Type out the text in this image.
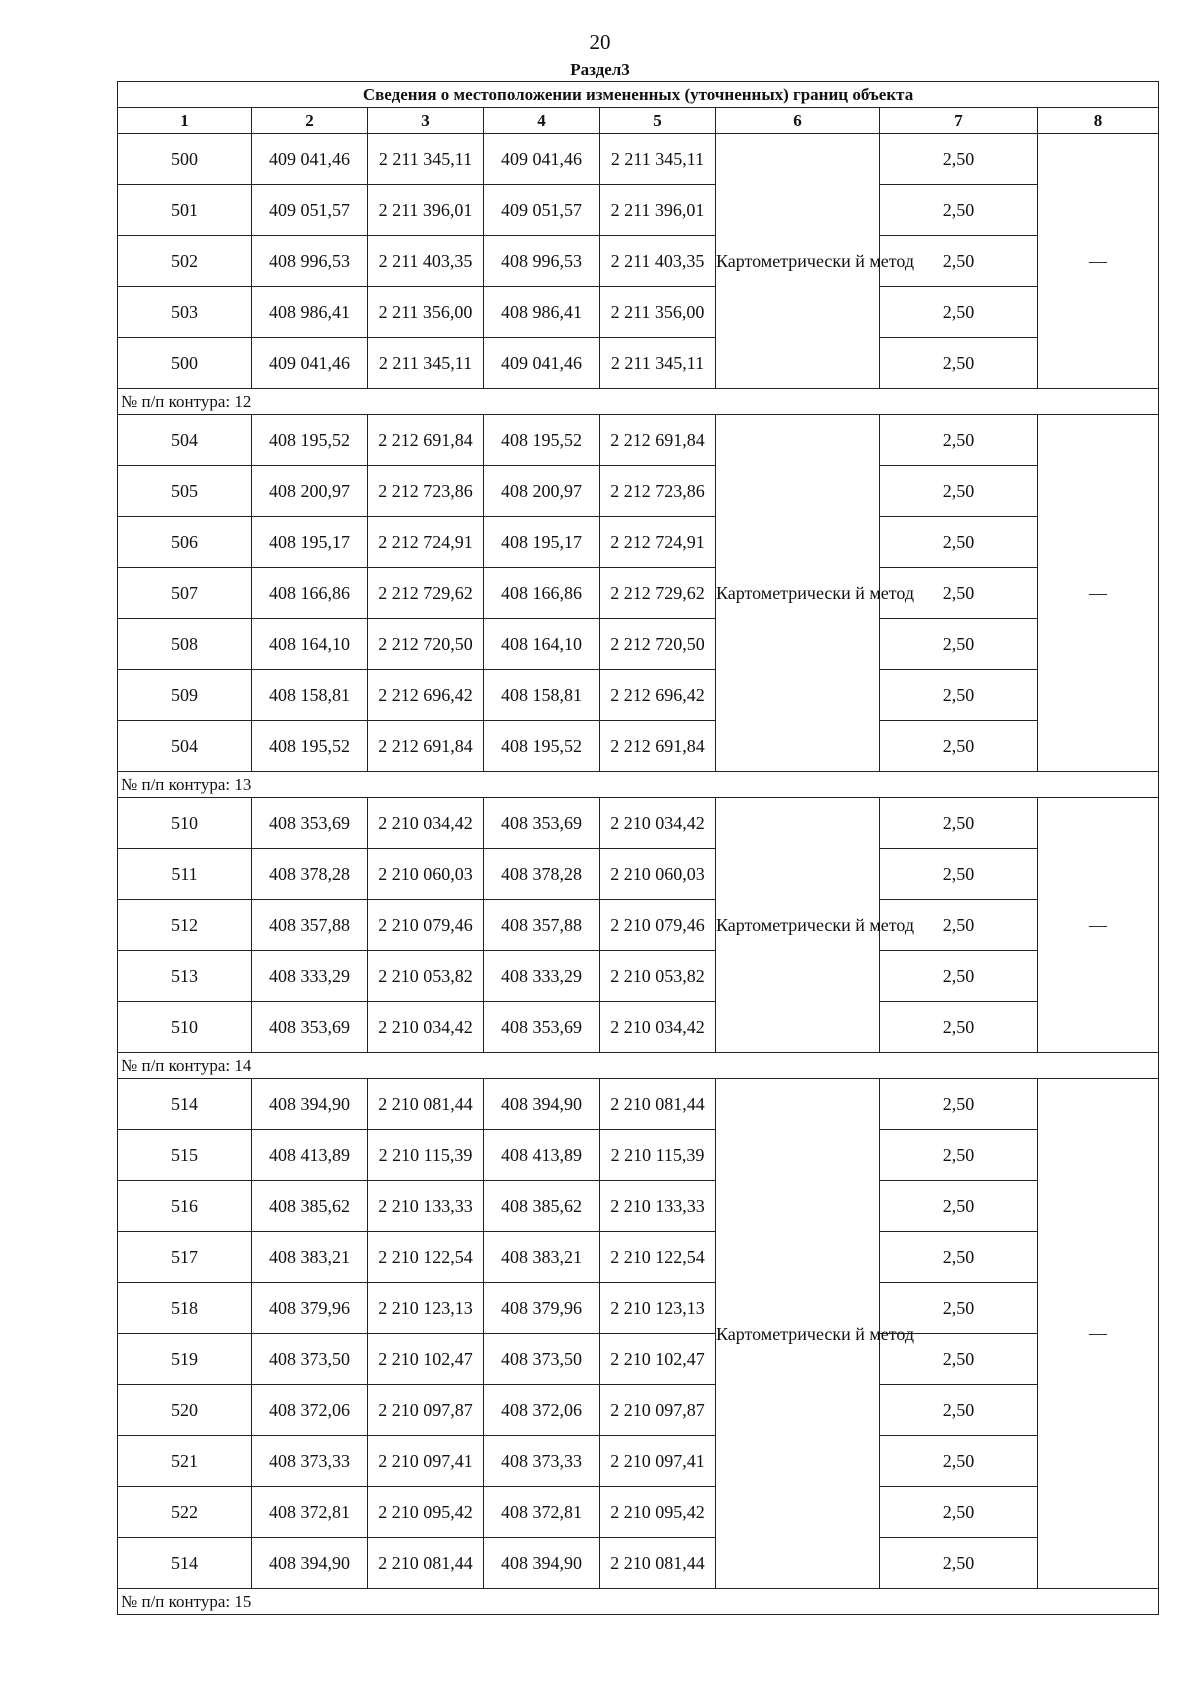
20
Раздел3
Сведения о местоположении измененных (уточненных) границ объекта							
1	2	3	4	5	6	7	8
500	409 041,46	2 211 345,11	409 041,46	2 211 345,11	Картометрически й метод	2,50	—
501	409 051,57	2 211 396,01	409 051,57	2 211 396,01		2,50	
502	408 996,53	2 211 403,35	408 996,53	2 211 403,35		2,50	
503	408 986,41	2 211 356,00	408 986,41	2 211 356,00		2,50	
500	409 041,46	2 211 345,11	409 041,46	2 211 345,11		2,50	
№ п/п контура: 12							
504	408 195,52	2 212 691,84	408 195,52	2 212 691,84	Картометрически й метод	2,50	—
505	408 200,97	2 212 723,86	408 200,97	2 212 723,86		2,50	
506	408 195,17	2 212 724,91	408 195,17	2 212 724,91		2,50	
507	408 166,86	2 212 729,62	408 166,86	2 212 729,62		2,50	
508	408 164,10	2 212 720,50	408 164,10	2 212 720,50		2,50	
509	408 158,81	2 212 696,42	408 158,81	2 212 696,42		2,50	
504	408 195,52	2 212 691,84	408 195,52	2 212 691,84		2,50	
№ п/п контура: 13							
510	408 353,69	2 210 034,42	408 353,69	2 210 034,42	Картометрически й метод	2,50	—
511	408 378,28	2 210 060,03	408 378,28	2 210 060,03		2,50	
512	408 357,88	2 210 079,46	408 357,88	2 210 079,46		2,50	
513	408 333,29	2 210 053,82	408 333,29	2 210 053,82		2,50	
510	408 353,69	2 210 034,42	408 353,69	2 210 034,42		2,50	
№ п/п контура: 14							
514	408 394,90	2 210 081,44	408 394,90	2 210 081,44	Картометрически й метод	2,50	—
515	408 413,89	2 210 115,39	408 413,89	2 210 115,39		2,50	
516	408 385,62	2 210 133,33	408 385,62	2 210 133,33		2,50	
517	408 383,21	2 210 122,54	408 383,21	2 210 122,54		2,50	
518	408 379,96	2 210 123,13	408 379,96	2 210 123,13		2,50	
519	408 373,50	2 210 102,47	408 373,50	2 210 102,47		2,50	
520	408 372,06	2 210 097,87	408 372,06	2 210 097,87		2,50	
521	408 373,33	2 210 097,41	408 373,33	2 210 097,41		2,50	
522	408 372,81	2 210 095,42	408 372,81	2 210 095,42		2,50	
514	408 394,90	2 210 081,44	408 394,90	2 210 081,44		2,50	
№ п/п контура: 15							
